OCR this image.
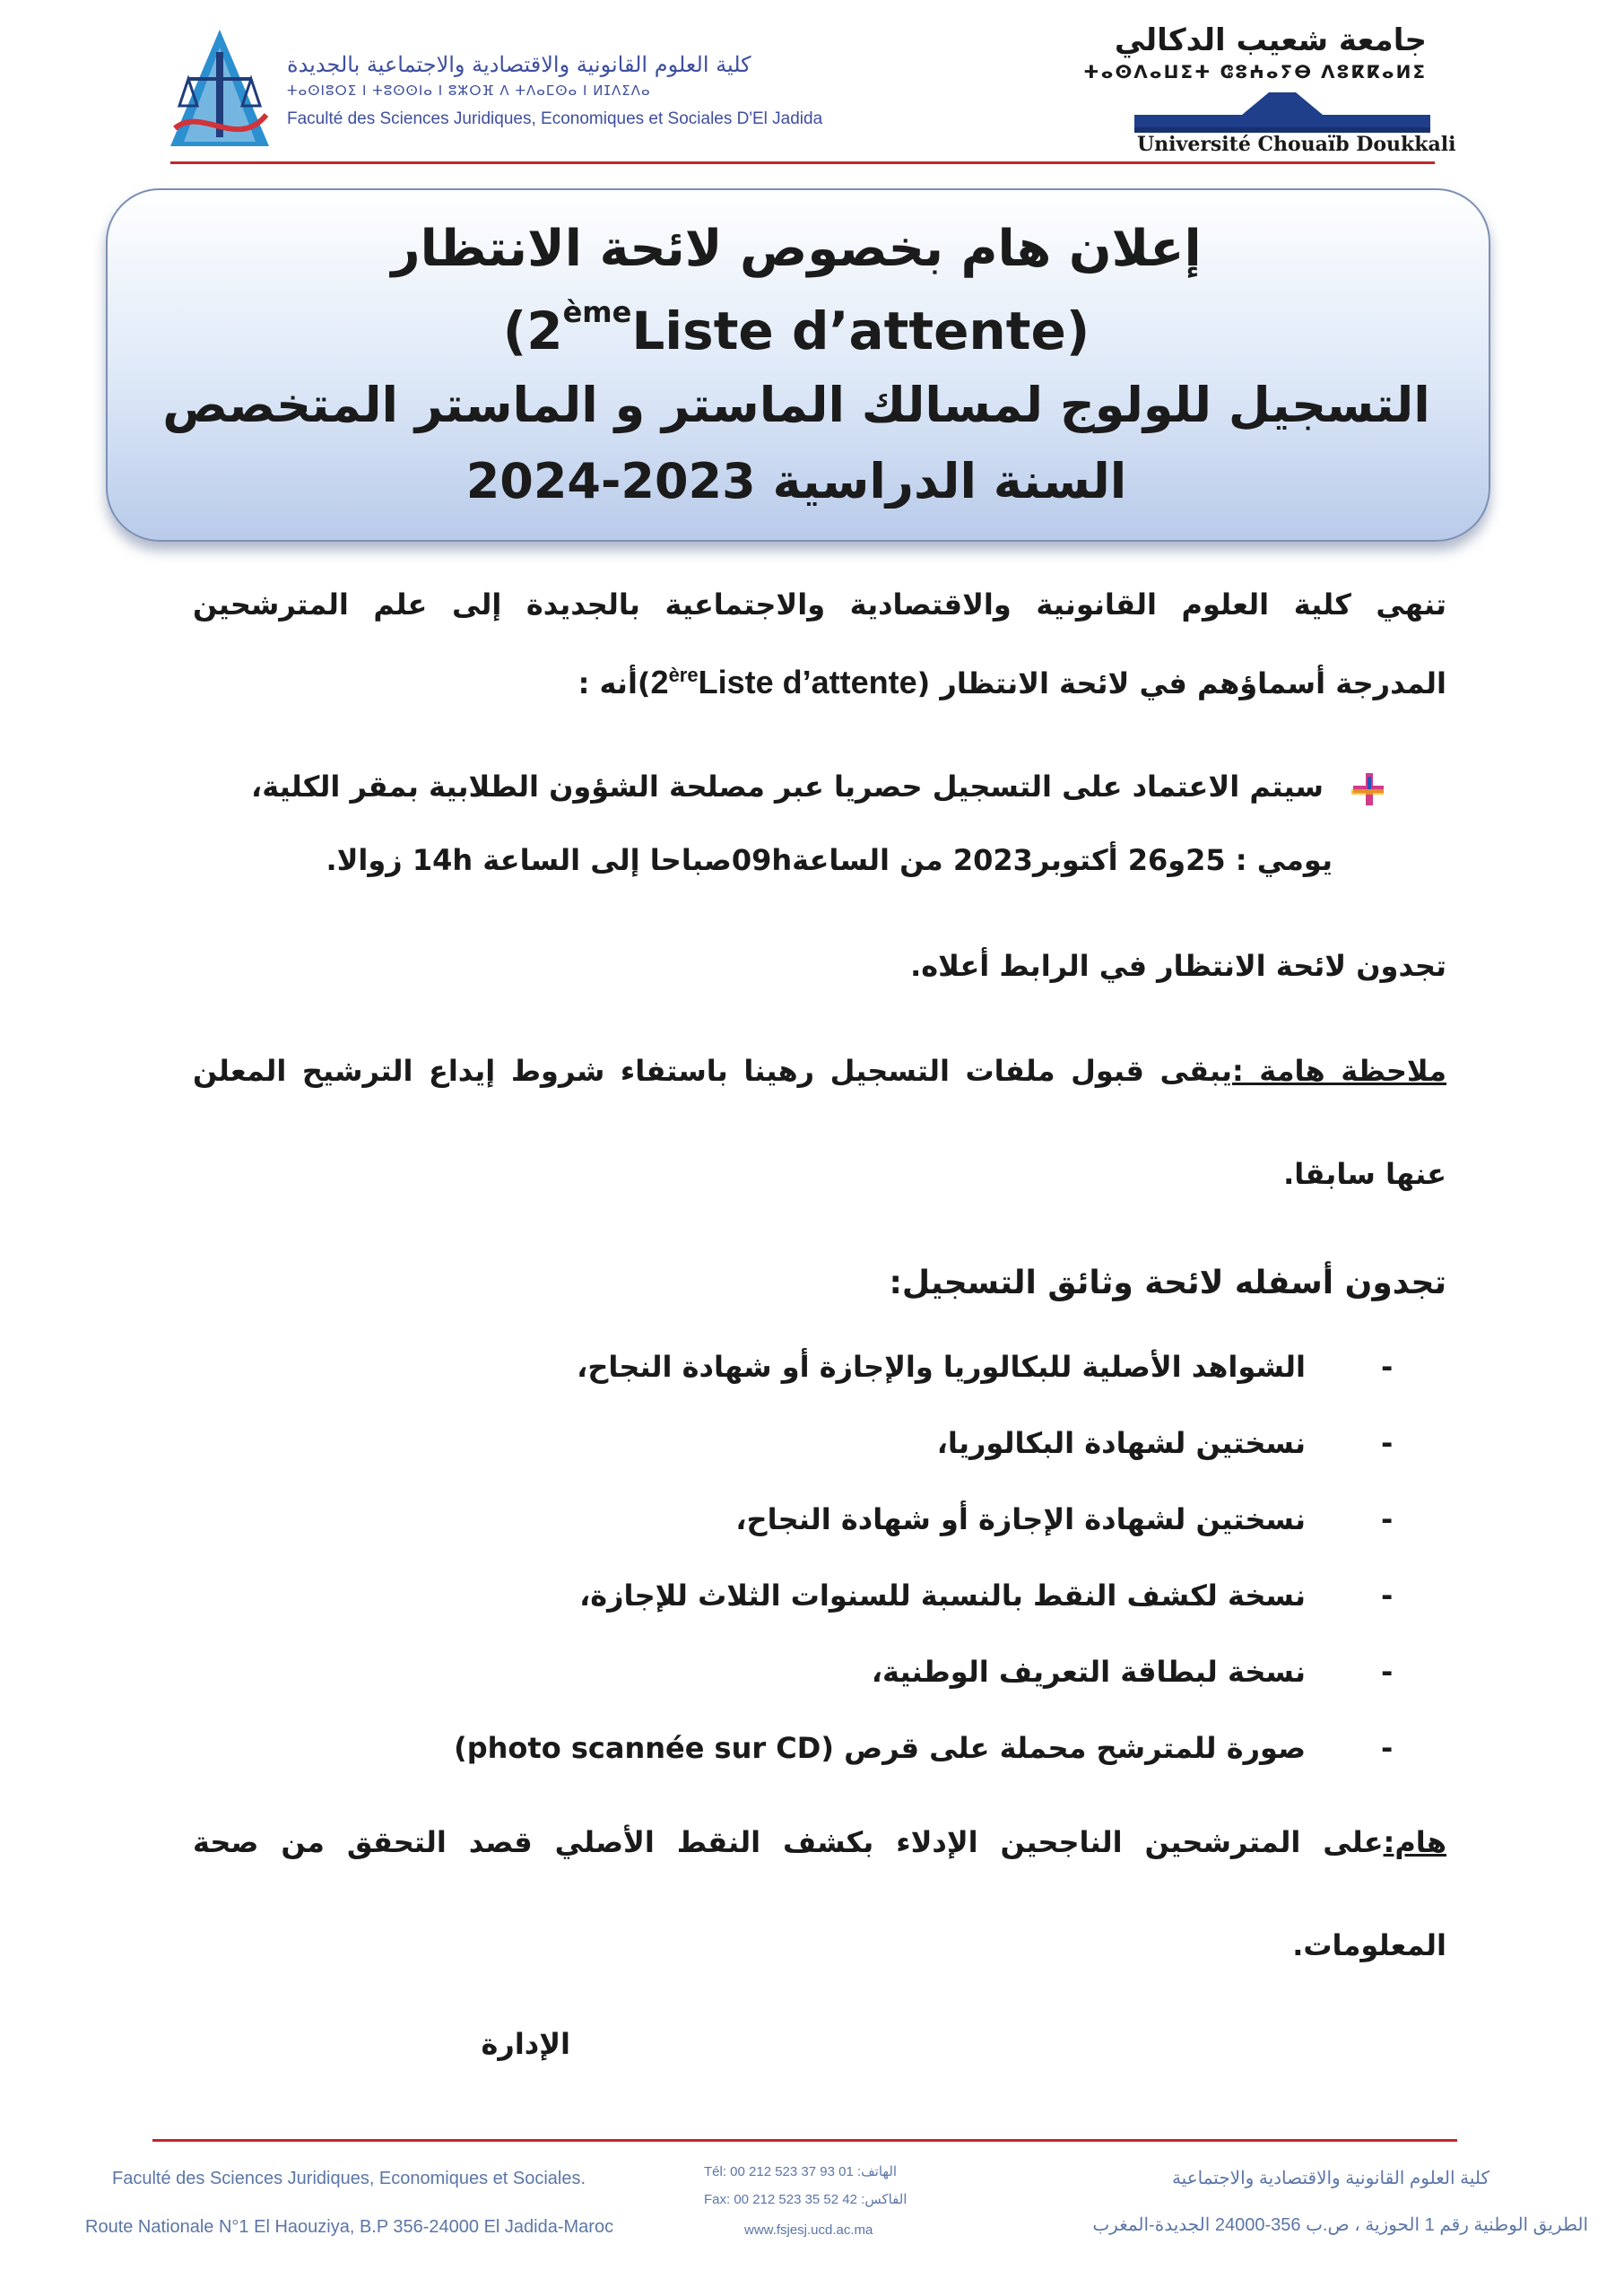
كلية العلوم القانونية والاقتصادية والاجتماعية بالجديدة
ⵜⴰⵙⵏⵓⵔⵉ ⵏ ⵜⵓⵙⵙⵏⴰ ⵏ ⵓⵣⵔⴼ ⴷ ⵜⴷⴰⵎⵙⴰ ⵏ ⵍⵊⴷⵉⴷⴰ
Faculté des Sciences Juridiques, Economiques et Sociales D'El Jadida
جامعة شعيب الدكالي
ⵜⴰⵙⴷⴰⵡⵉⵜ ⵛⵓⵄⴰⵢⴱ ⴷⵓⴽⴽⴰⵍⵉ
Université Chouaïb Doukkali
إعلان هام بخصوص لائحة الانتظار
(2èmeListe d’attente)
التسجيل للولوج لمسالك الماستر و الماستر المتخصص
السنة الدراسية 2023-2024
تنهي كلية العلوم القانونية والاقتصادية والاجتماعية بالجديدة إلى علم المترشحين
المدرجة أسماؤهم في لائحة الانتظار (2èreListe d’attente)أنه :
سيتم الاعتماد على التسجيل حصريا عبر مصلحة الشؤون الطلابية بمقر الكلية،
يومي : 25و26 أكتوبر2023 من الساعة09hصباحا إلى الساعة 14h زوالا.
تجدون لائحة الانتظار في الرابط أعلاه.
ملاحظة هامة :يبقى قبول ملفات التسجيل رهينا باستفاء شروط إيداع الترشيح المعلن
عنها سابقا.
تجدون أسفله لائحة وثائق التسجيل:
الشواهد الأصلية للبكالوريا والإجازة أو شهادة النجاح،	-
نسختين لشهادة البكالوريا،	-
نسختين لشهادة الإجازة أو شهادة النجاح،	-
نسخة لكشف النقط بالنسبة للسنوات الثلاث للإجازة،	-
نسخة لبطاقة التعريف الوطنية،	-
صورة للمترشح محملة على قرص (photo scannée sur CD)	-
هام:على المترشحين الناجحين الإدلاء بكشف النقط الأصلي قصد التحقق من صحة
المعلومات.
الإدارة
Faculté des Sciences Juridiques, Economiques et Sociales.
Route Nationale N°1 El Haouziya, B.P 356-24000 El Jadida-Maroc
Tél: 00 212 523 37 93 01 :الهاتف
Fax: 00 212 523 35 52 42 :الفاكس
www.fsjesj.ucd.ac.ma
كلية العلوم القانونية والاقتصادية والاجتماعية
الطريق الوطنية رقم 1 الحوزية ، ص.ب 356-24000 الجديدة-المغرب
